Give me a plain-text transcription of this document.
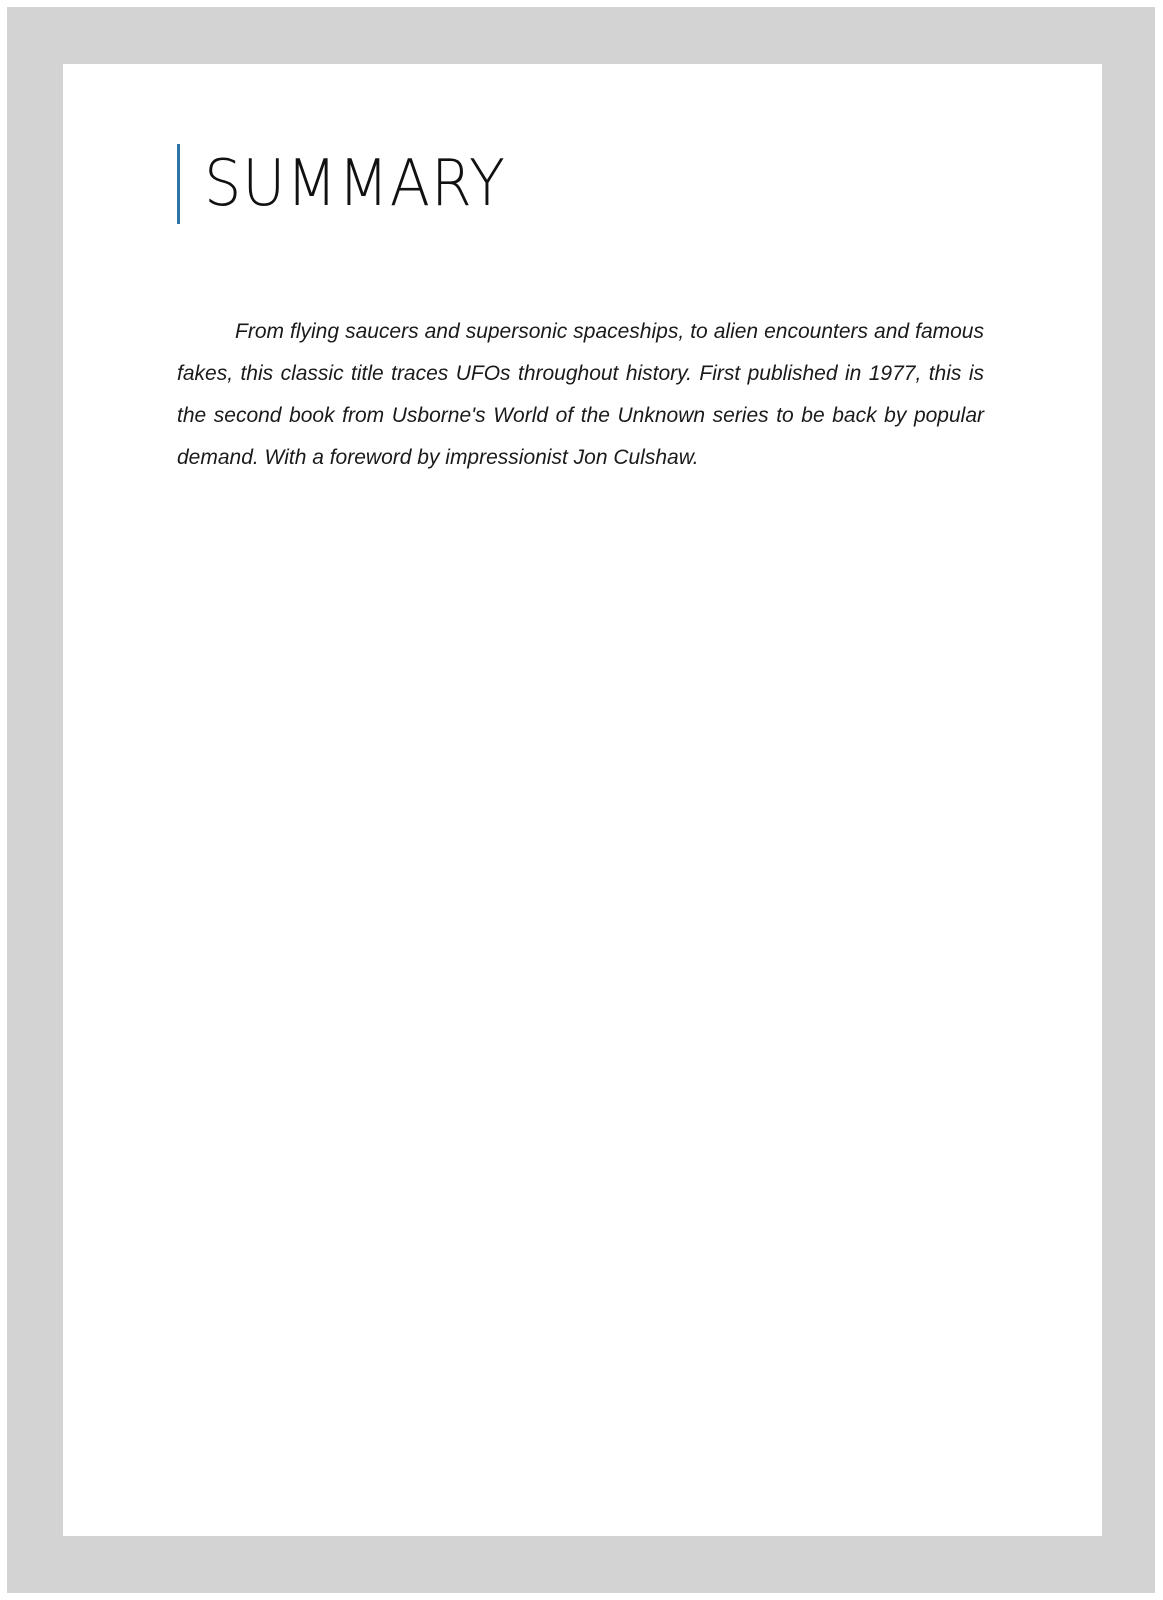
SUMMARY

From flying saucers and supersonic spaceships, to alien encounters and famous fakes, this classic title traces UFOs throughout history. First published in 1977, this is the second book from Usborne's World of the Unknown series to be back by popular demand. With a foreword by impressionist Jon Culshaw.
